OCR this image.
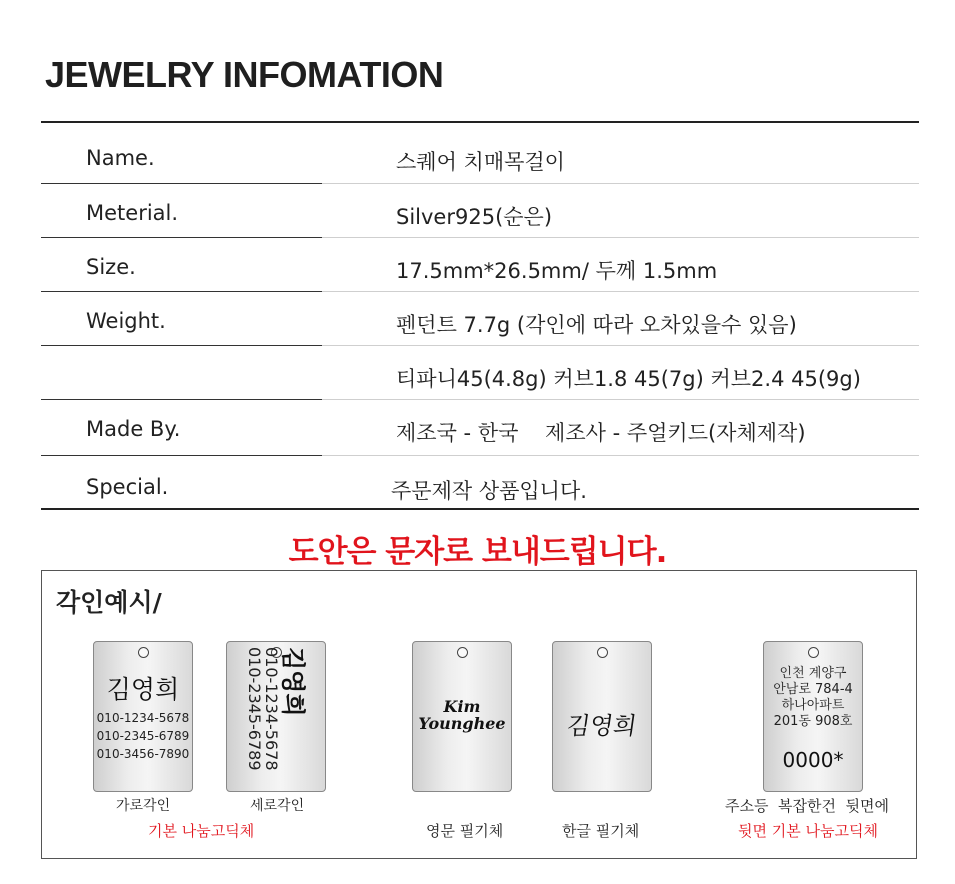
JEWELRY INFOMATION
Name.	스퀘어 치매목걸이
Meterial.	Silver925(순은)
Size.	17.5mm*26.5mm/ 두께 1.5mm
Weight.	펜던트 7.7g (각인에 따라 오차있을수 있음)
티파니45(4.8g) 커브1.8 45(7g) 커브2.4 45(9g)
Made By.	제조국 - 한국    제조사 - 주얼키드(자체제작)
Special.	주문제작 상품입니다.
도안은 문자로 보내드립니다.
각인예시/
김영희
010-1234-5678
010-2345-6789
010-3456-7890
김영희
010-1234-5678
010-2345-6789	Kim
Younghee	김영희
인천 계양구
안남로 784-4
하나아파트
201동 908호
0000*
가로각인	세로각인
기본 나눔고딕체	영문 필기체	한글 필기체
주소등  복잡한건  뒷면에
뒷면 기본 나눔고딕체
